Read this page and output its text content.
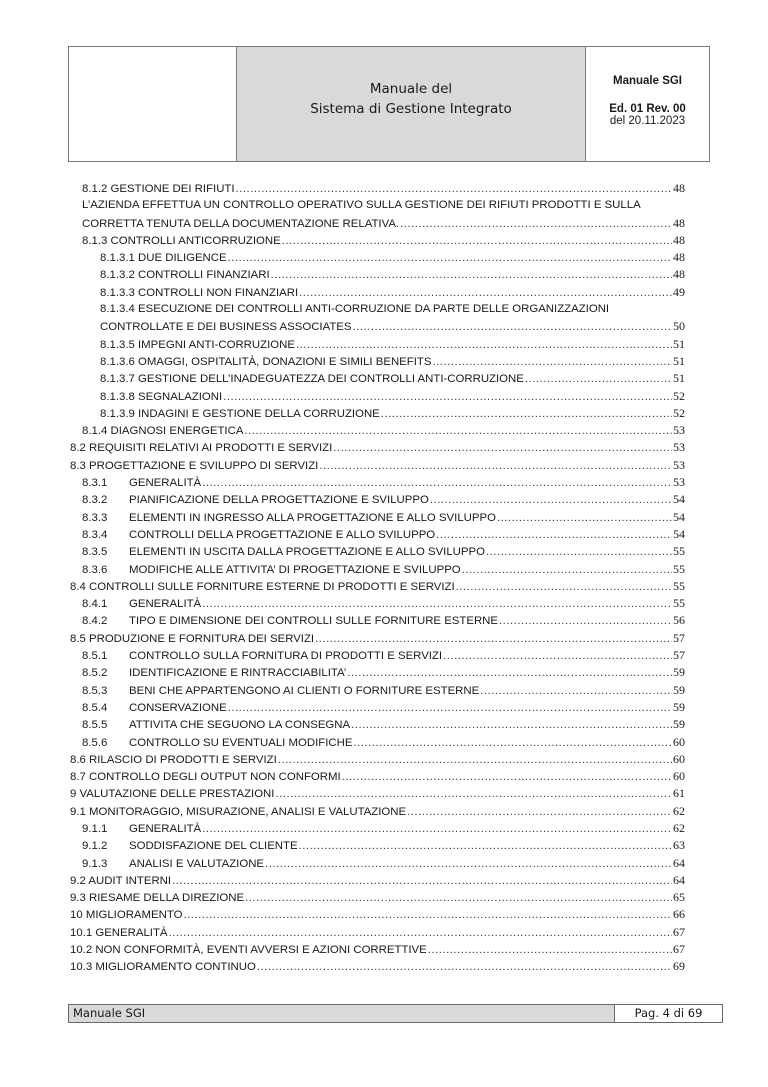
Manuale del
Sistema di Gestione Integrato
Manuale SGI
Ed. 01 Rev. 00
del 20.11.2023
8.1.2 GESTIONE DEI RIFIUTI .....	48
L’AZIENDA EFFETTUA UN CONTROLLO OPERATIVO SULLA GESTIONE DEI RIFIUTI PRODOTTI E SULLA
CORRETTA TENUTA DELLA DOCUMENTAZIONE RELATIVA. .....	48
8.1.3 CONTROLLI ANTICORRUZIONE .....	48
8.1.3.1 DUE DILIGENCE .....	48
8.1.3.2 CONTROLLI FINANZIARI .....	48
8.1.3.3 CONTROLLI NON FINANZIARI .....	49
8.1.3.4 ESECUZIONE DEI CONTROLLI ANTI-CORRUZIONE DA PARTE DELLE ORGANIZZAZIONI
CONTROLLATE E DEI BUSINESS ASSOCIATES .....	50
8.1.3.5 IMPEGNI ANTI-CORRUZIONE .....	51
8.1.3.6 OMAGGI, OSPITALITÀ, DONAZIONI E SIMILI BENEFITS .....	51
8.1.3.7 GESTIONE DELL’INADEGUATEZZA DEI CONTROLLI ANTI-CORRUZIONE .....	51
8.1.3.8 SEGNALAZIONI .....	52
8.1.3.9 INDAGINI E GESTIONE DELLA CORRUZIONE .....	52
8.1.4 DIAGNOSI ENERGETICA .....	53
8.2 REQUISITI RELATIVI AI PRODOTTI E SERVIZI .....	53
8.3 PROGETTAZIONE E SVILUPPO DI SERVIZI .....	53
8.3.1	GENERALITÀ .....	53
8.3.2	PIANIFICAZIONE DELLA PROGETTAZIONE E SVILUPPO .....	54
8.3.3	ELEMENTI IN INGRESSO ALLA PROGETTAZIONE E ALLO SVILUPPO .....	54
8.3.4	CONTROLLI DELLA PROGETTAZIONE E ALLO SVILUPPO .....	54
8.3.5	ELEMENTI IN USCITA DALLA PROGETTAZIONE E ALLO SVILUPPO .....	55
8.3.6	MODIFICHE ALLE ATTIVITA’ DI PROGETTAZIONE E SVILUPPO .....	55
8.4 CONTROLLI SULLE FORNITURE ESTERNE DI PRODOTTI E SERVIZI .....	55
8.4.1	GENERALITÀ .....	55
8.4.2	TIPO E DIMENSIONE DEI CONTROLLI SULLE FORNITURE ESTERNE .....	56
8.5 PRODUZIONE E FORNITURA DEI SERVIZI .....	57
8.5.1	CONTROLLO SULLA FORNITURA DI PRODOTTI E SERVIZI .....	57
8.5.2	IDENTIFICAZIONE E RINTRACCIABILITA’ .....	59
8.5.3	BENI CHE APPARTENGONO AI CLIENTI O FORNITURE ESTERNE .....	59
8.5.4	CONSERVAZIONE .....	59
8.5.5	ATTIVITA CHE SEGUONO LA CONSEGNA .....	59
8.5.6	CONTROLLO SU EVENTUALI MODIFICHE .....	60
8.6 RILASCIO DI PRODOTTI E SERVIZI .....	60
8.7 CONTROLLO DEGLI OUTPUT NON CONFORMI .....	60
9 VALUTAZIONE DELLE PRESTAZIONI .....	61
9.1 MONITORAGGIO, MISURAZIONE, ANALISI E VALUTAZIONE .....	62
9.1.1	GENERALITÀ .....	62
9.1.2	SODDISFAZIONE DEL CLIENTE .....	63
9.1.3	ANALISI E VALUTAZIONE .....	64
9.2 AUDIT INTERNI .....	64
9.3 RIESAME DELLA DIREZIONE .....	65
10 MIGLIORAMENTO .....	66
10.1 GENERALITÀ .....	67
10.2 NON CONFORMITÀ, EVENTI AVVERSI E AZIONI CORRETTIVE .....	67
10.3 MIGLIORAMENTO CONTINUO .....	69
Manuale SGI	Pag. 4 di 69
